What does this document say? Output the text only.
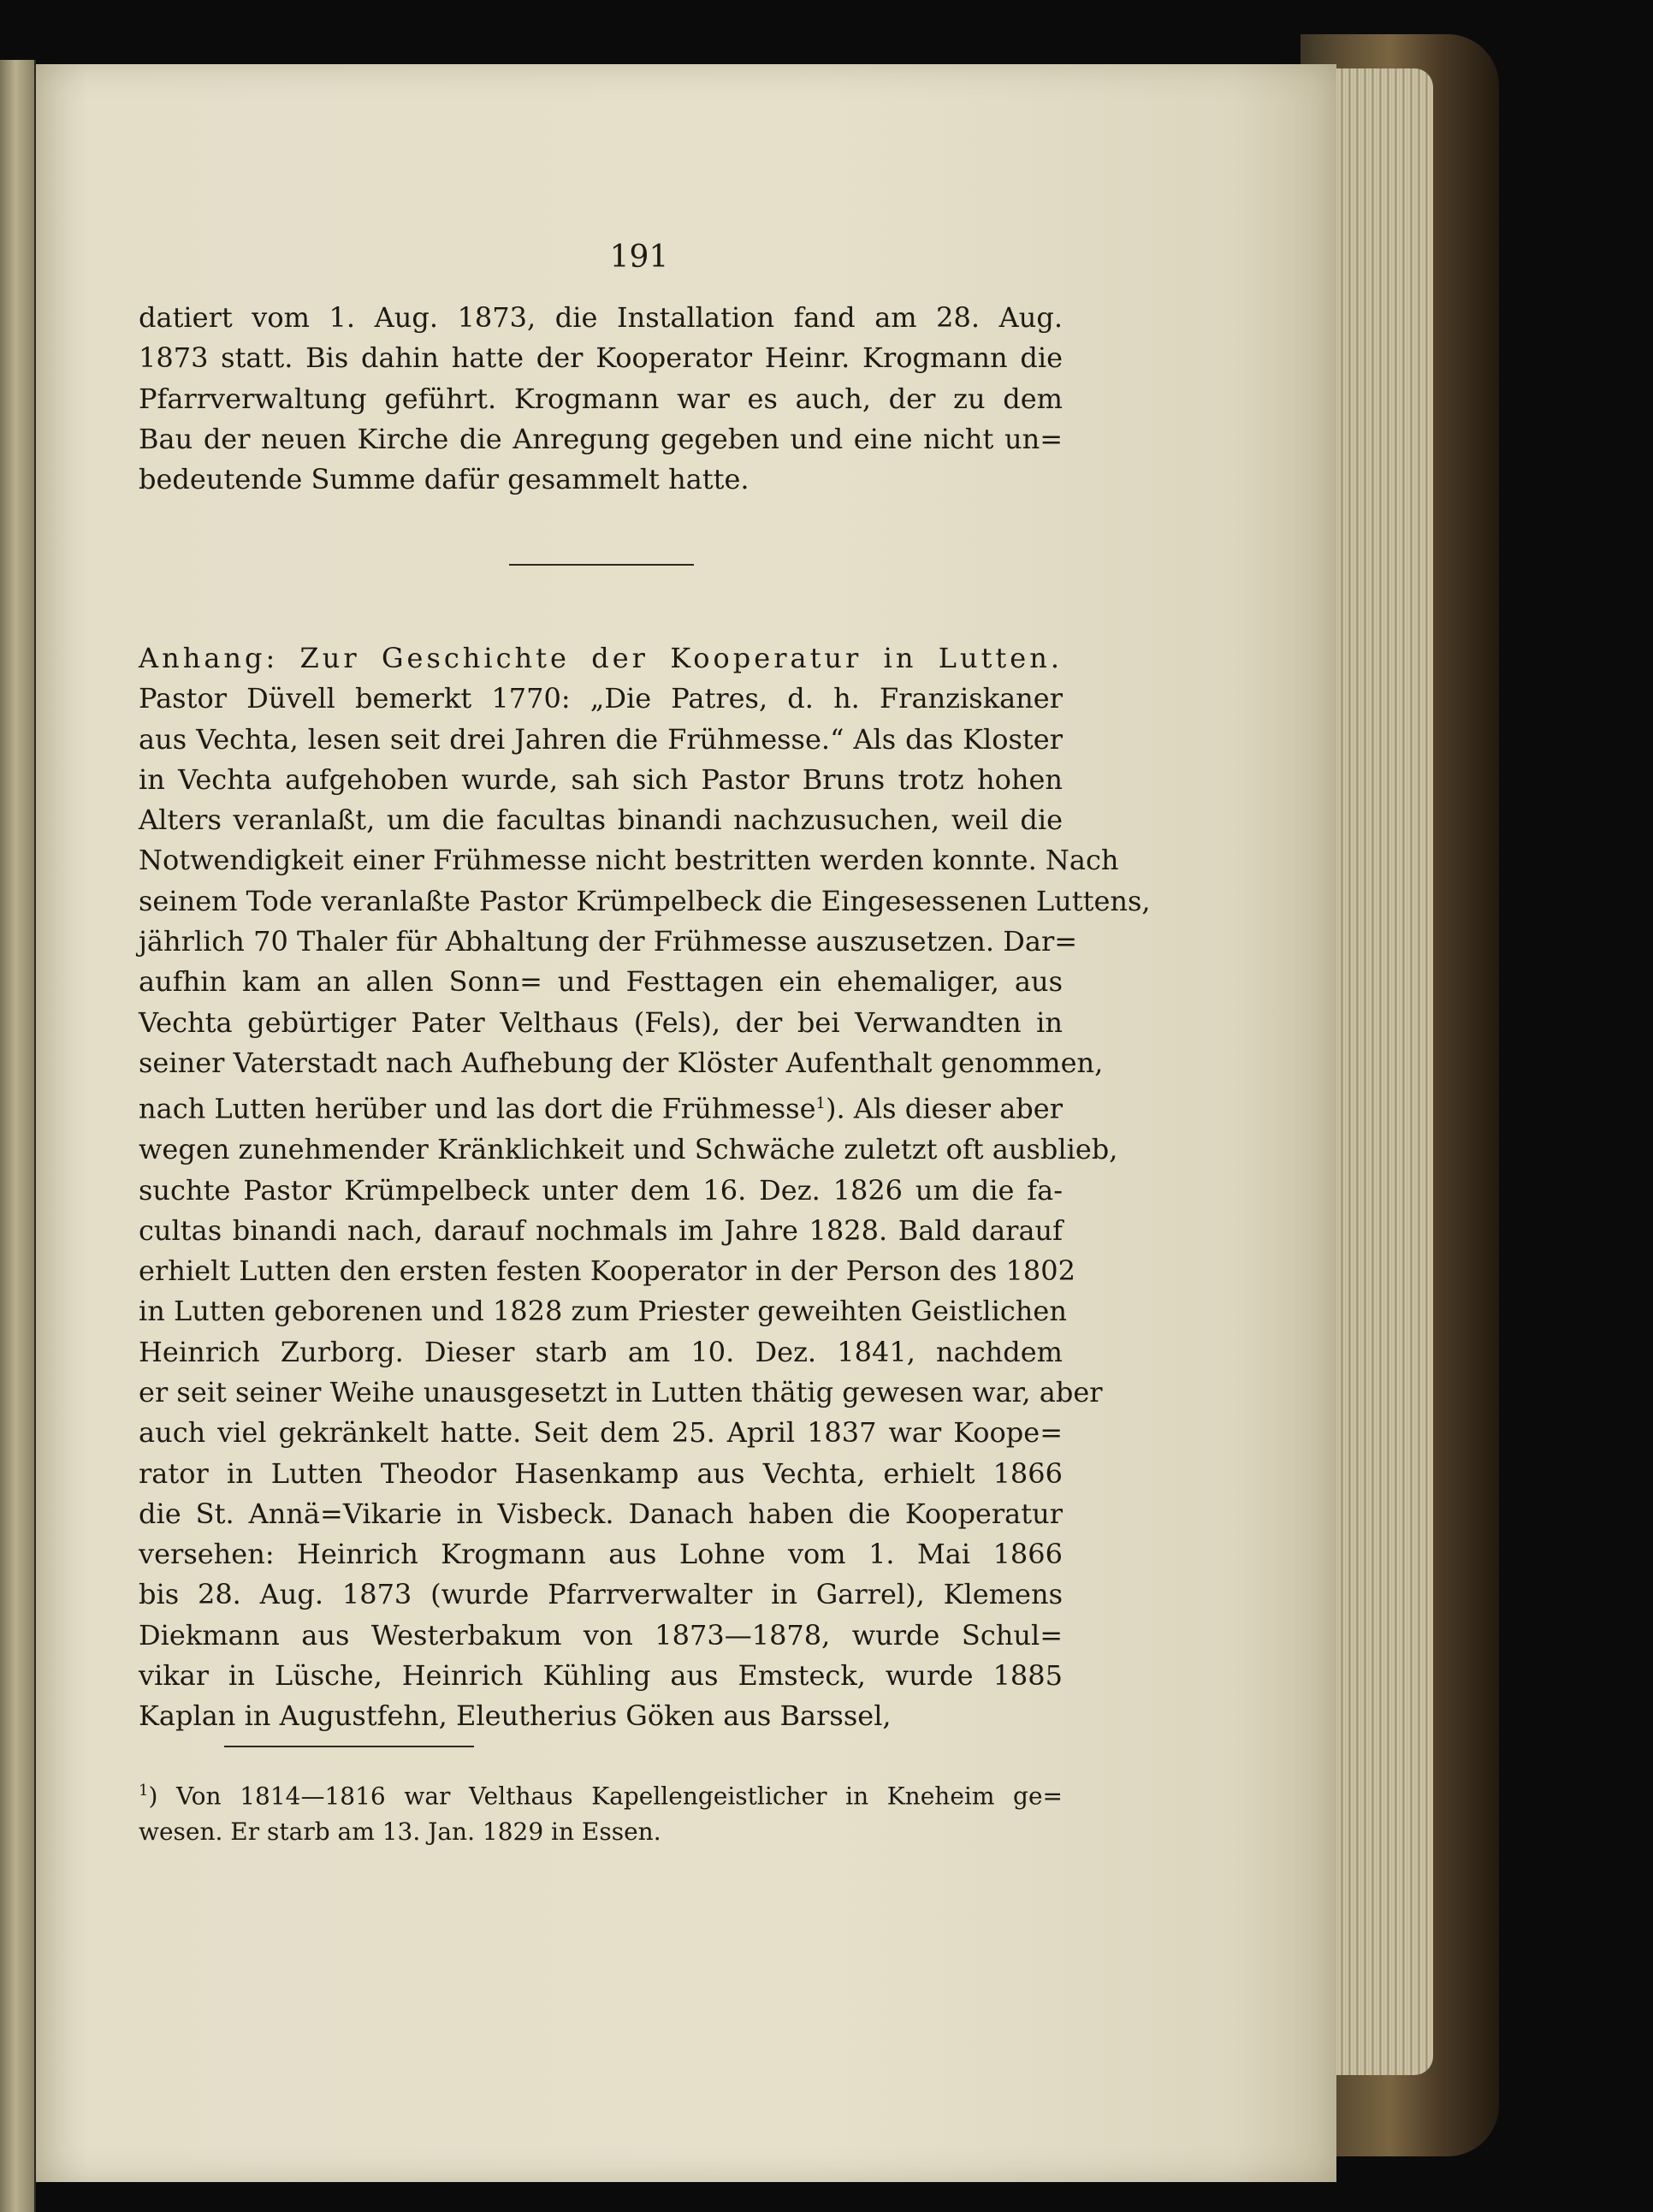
191

datiert vom 1. Aug. 1873, die Installation fand am 28. Aug.
1873 statt. Bis dahin hatte der Kooperator Heinr. Krogmann die
Pfarrverwaltung geführt. Krogmann war es auch, der zu dem
Bau der neuen Kirche die Anregung gegeben und eine nicht un=
bedeutende Summe dafür gesammelt hatte.
Anhang: Zur Geschichte der Kooperatur in Lutten.
Pastor Düvell bemerkt 1770: „Die Patres, d. h. Franziskaner
aus Vechta, lesen seit drei Jahren die Frühmesse.“ Als das Kloster
in Vechta aufgehoben wurde, sah sich Pastor Bruns trotz hohen
Alters veranlaßt, um die facultas binandi nachzusuchen, weil die
Notwendigkeit einer Frühmesse nicht bestritten werden konnte. Nach
seinem Tode veranlaßte Pastor Krümpelbeck die Eingesessenen Luttens,
jährlich 70 Thaler für Abhaltung der Frühmesse auszusetzen. Dar=
aufhin kam an allen Sonn= und Festtagen ein ehemaliger, aus
Vechta gebürtiger Pater Velthaus (Fels), der bei Verwandten in
seiner Vaterstadt nach Aufhebung der Klöster Aufenthalt genommen,
nach Lutten herüber und las dort die Frühmesse$^1$). Als dieser aber
wegen zunehmender Kränklichkeit und Schwäche zuletzt oft ausblieb,
suchte Pastor Krümpelbeck unter dem 16. Dez. 1826 um die fa-
cultas binandi nach, darauf nochmals im Jahre 1828. Bald darauf
erhielt Lutten den ersten festen Kooperator in der Person des 1802
in Lutten geborenen und 1828 zum Priester geweihten Geistlichen
Heinrich Zurborg. Dieser starb am 10. Dez. 1841, nachdem
er seit seiner Weihe unausgesetzt in Lutten thätig gewesen war, aber
auch viel gekränkelt hatte. Seit dem 25. April 1837 war Koope=
rator in Lutten Theodor Hasenkamp aus Vechta, erhielt 1866
die St. Annä=Vikarie in Visbeck. Danach haben die Kooperatur
versehen: Heinrich Krogmann aus Lohne vom 1. Mai 1866
bis 28. Aug. 1873 (wurde Pfarrverwalter in Garrel), Klemens
Diekmann aus Westerbakum von 1873—1878, wurde Schul=
vikar in Lüsche, Heinrich Kühling aus Emsteck, wurde 1885
Kaplan in Augustfehn, Eleutherius Göken aus Barssel,
$^1$) Von 1814—1816 war Velthaus Kapellengeistlicher in Kneheim ge=
wesen. Er starb am 13. Jan. 1829 in Essen.
